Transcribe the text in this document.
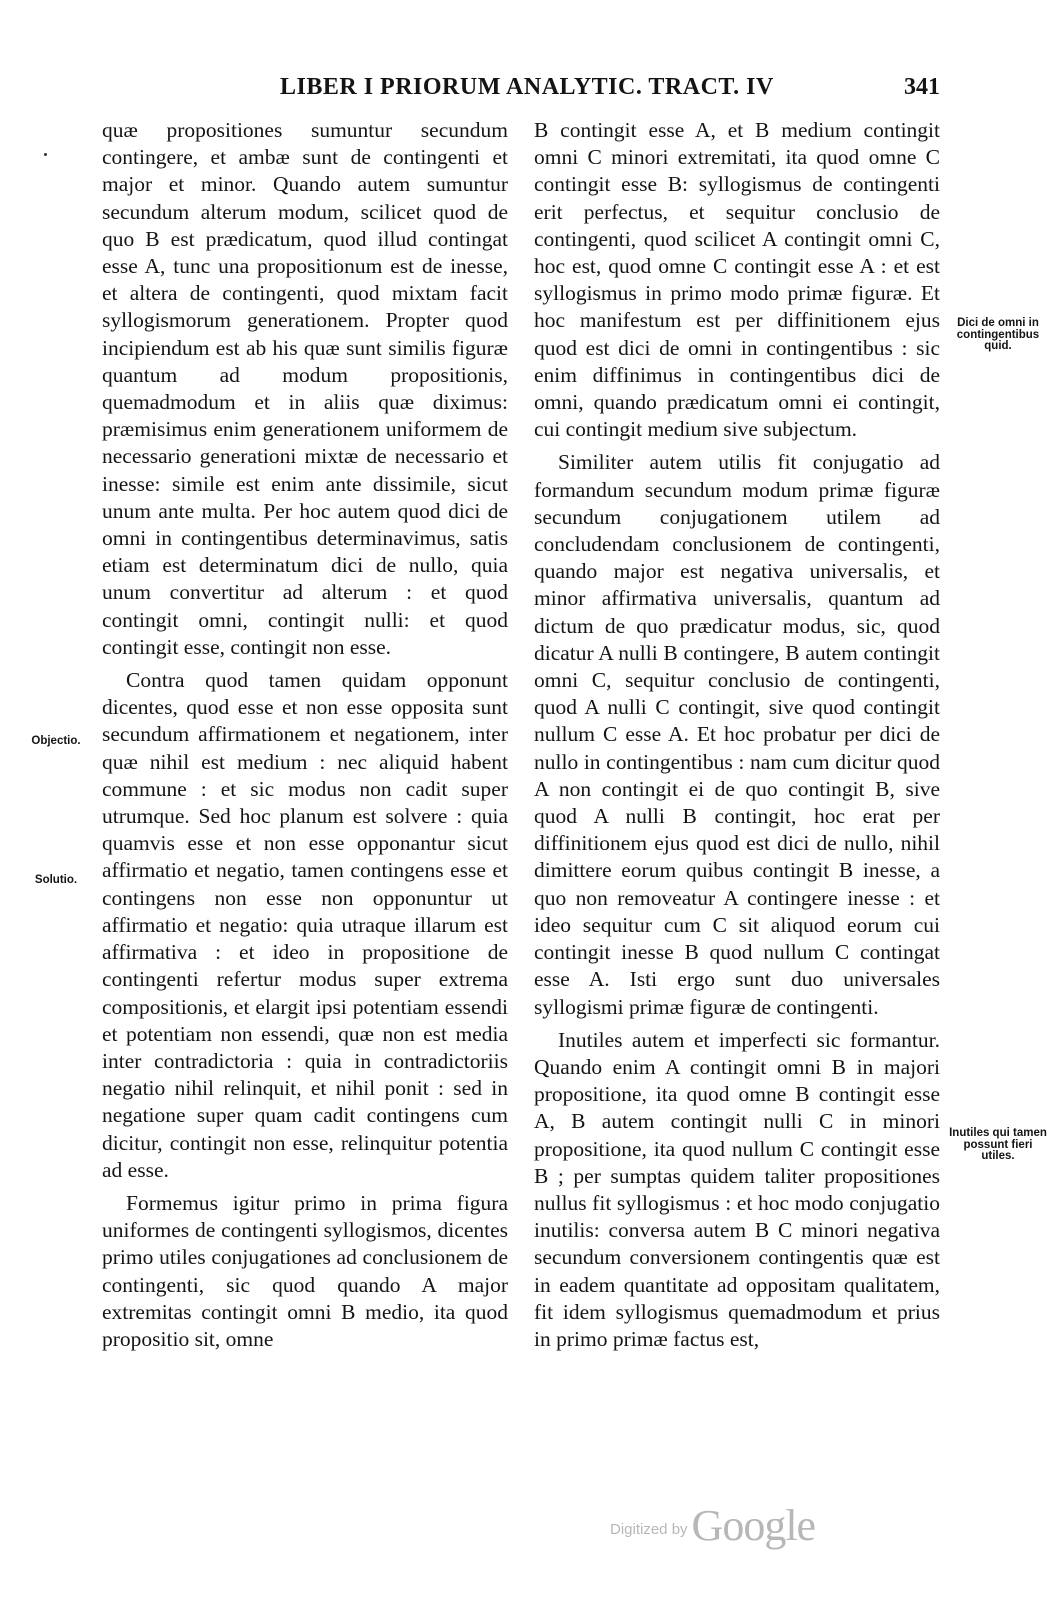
LIBER I PRIORUM ANALYTIC. TRACT. IV	341

quæ propositiones sumuntur secundum contingere, et ambæ sunt de contingenti et major et minor. Quando autem sumuntur secundum alterum modum, scilicet quod de quo B est prædicatum, quod illud contingat esse A, tunc una propositionum est de inesse, et altera de contingenti, quod mixtam facit syllogismorum generationem. Propter quod incipiendum est ab his quæ sunt similis figuræ quantum ad modum propositionis, quemadmodum et in aliis quæ diximus: præmisimus enim generationem uniformem de necessario generationi mixtæ de necessario et inesse: simile est enim ante dissimile, sicut unum ante multa. Per hoc autem quod dici de omni in contingentibus determinavimus, satis etiam est determinatum dici de nullo, quia unum convertitur ad alterum : et quod contingit omni, contingit nulli: et quod contingit esse, contingit non esse.

Contra quod tamen quidam opponunt dicentes, quod esse et non esse opposita sunt secundum affirmationem et negationem, inter quæ nihil est medium : nec aliquid habent commune : et sic modus non cadit super utrumque. Sed hoc planum est solvere : quia quamvis esse et non esse opponantur sicut affirmatio et negatio, tamen contingens esse et contingens non esse non opponuntur ut affirmatio et negatio: quia utraque illarum est affirmativa : et ideo in propositione de contingenti refertur modus super extrema compositionis, et elargit ipsi potentiam essendi et potentiam non essendi, quæ non est media inter contradictoria : quia in contradictoriis negatio nihil relinquit, et nihil ponit : sed in negatione super quam cadit contingens cum dicitur, contingit non esse, relinquitur potentia ad esse.

Formemus igitur primo in prima figura uniformes de contingenti syllogismos, dicentes primo utiles conjugationes ad conclusionem de contingenti, sic quod quando A major extremitas contingit omni B medio, ita quod propositio sit, omne

B contingit esse A, et B medium contingit omni C minori extremitati, ita quod omne C contingit esse B: syllogismus de contingenti erit perfectus, et sequitur conclusio de contingenti, quod scilicet A contingit omni C, hoc est, quod omne C contingit esse A : et est syllogismus in primo modo primæ figuræ. Et hoc manifestum est per diffinitionem ejus quod est dici de omni in contingentibus : sic enim diffinimus in contingentibus dici de omni, quando prædicatum omni ei contingit, cui contingit medium sive subjectum.

Similiter autem utilis fit conjugatio ad formandum secundum modum primæ figuræ secundum conjugationem utilem ad concludendam conclusionem de contingenti, quando major est negativa universalis, et minor affirmativa universalis, quantum ad dictum de quo prædicatur modus, sic, quod dicatur A nulli B contingere, B autem contingit omni C, sequitur conclusio de contingenti, quod A nulli C contingit, sive quod contingit nullum C esse A. Et hoc probatur per dici de nullo in contingentibus : nam cum dicitur quod A non contingit ei de quo contingit B, sive quod A nulli B contingit, hoc erat per diffinitionem ejus quod est dici de nullo, nihil dimittere eorum quibus contingit B inesse, a quo non removeatur A contingere inesse : et ideo sequitur cum C sit aliquod eorum cui contingit inesse B quod nullum C contingat esse A. Isti ergo sunt duo universales syllogismi primæ figuræ de contingenti.

Inutiles autem et imperfecti sic formantur. Quando enim A contingit omni B in majori propositione, ita quod omne B contingit esse A, B autem contingit nulli C in minori propositione, ita quod nullum C contingit esse B ; per sumptas quidem taliter propositiones nullus fit syllogismus : et hoc modo conjugatio inutilis: conversa autem B C minori negativa secundum conversionem contingentis quæ est in eadem quantitate ad oppositam qualitatem, fit idem syllogismus quemadmodum et prius in primo primæ factus est,

Objectio.
Solutio.
Dici de omni in contingentibus quid.
Inutiles qui tamen possunt fieri utiles.
Digitized by Google
